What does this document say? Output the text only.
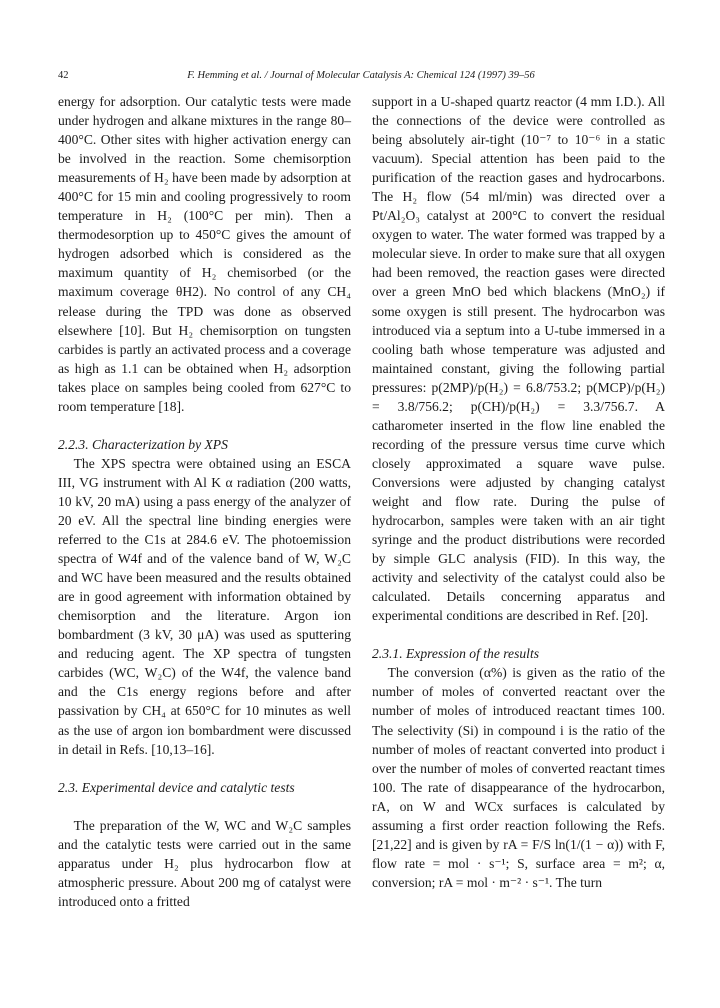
42	F. Hemming et al. / Journal of Molecular Catalysis A: Chemical 124 (1997) 39–56

energy for adsorption. Our catalytic tests were made under hydrogen and alkane mixtures in the range 80–400°C. Other sites with higher activation energy can be involved in the reaction. Some chemisorption measurements of H₂ have been made by adsorption at 400°C for 15 min and cooling progressively to room temperature in H₂ (100°C per min). Then a thermodesorption up to 450°C gives the amount of hydrogen adsorbed which is considered as the maximum quantity of H₂ chemisorbed (or the maximum coverage θH2). No control of any CH₄ release during the TPD was done as observed elsewhere [10]. But H₂ chemisorption on tungsten carbides is partly an activated process and a coverage as high as 1.1 can be obtained when H₂ adsorption takes place on samples being cooled from 627°C to room temperature [18].

2.2.3. Characterization by XPS

The XPS spectra were obtained using an ESCA III, VG instrument with Al K α radiation (200 watts, 10 kV, 20 mA) using a pass energy of the analyzer of 20 eV. All the spectral line binding energies were referred to the C1s at 284.6 eV. The photoemission spectra of W4f and of the valence band of W, W₂C and WC have been measured and the results obtained are in good agreement with information obtained by chemisorption and the literature. Argon ion bombardment (3 kV, 30 μA) was used as sputtering and reducing agent. The XP spectra of tungsten carbides (WC, W₂C) of the W4f, the valence band and the C1s energy regions before and after passivation by CH₄ at 650°C for 10 minutes as well as the use of argon ion bombardment were discussed in detail in Refs. [10,13–16].

2.3. Experimental device and catalytic tests

The preparation of the W, WC and W₂C samples and the catalytic tests were carried out in the same apparatus under H₂ plus hydrocarbon flow at atmospheric pressure. About 200 mg of catalyst were introduced onto a fritted

support in a U-shaped quartz reactor (4 mm I.D.). All the connections of the device were controlled as being absolutely air-tight (10⁻⁷ to 10⁻⁶ in a static vacuum). Special attention has been paid to the purification of the reaction gases and hydrocarbons. The H₂ flow (54 ml/min) was directed over a Pt/Al₂O₃ catalyst at 200°C to convert the residual oxygen to water. The water formed was trapped by a molecular sieve. In order to make sure that all oxygen had been removed, the reaction gases were directed over a green MnO bed which blackens (MnO₂) if some oxygen is still present. The hydrocarbon was introduced via a septum into a U-tube immersed in a cooling bath whose temperature was adjusted and maintained constant, giving the following partial pressures: p(2MP)/p(H₂) = 6.8/753.2; p(MCP)/p(H₂) = 3.8/756.2; p(CH)/p(H₂) = 3.3/756.7. A catharometer inserted in the flow line enabled the recording of the pressure versus time curve which closely approximated a square wave pulse. Conversions were adjusted by changing catalyst weight and flow rate. During the pulse of hydrocarbon, samples were taken with an air tight syringe and the product distributions were recorded by simple GLC analysis (FID). In this way, the activity and selectivity of the catalyst could also be calculated. Details concerning apparatus and experimental conditions are described in Ref. [20].

2.3.1. Expression of the results

The conversion (α%) is given as the ratio of the number of moles of converted reactant over the number of moles of introduced reactant times 100. The selectivity (Si) in compound i is the ratio of the number of moles of reactant converted into product i over the number of moles of converted reactant times 100. The rate of disappearance of the hydrocarbon, rA, on W and WCx surfaces is calculated by assuming a first order reaction following the Refs. [21,22] and is given by rA = F/S ln(1/(1 − α)) with F, flow rate = mol · s⁻¹; S, surface area = m²; α, conversion; rA = mol · m⁻² · s⁻¹. The turn
